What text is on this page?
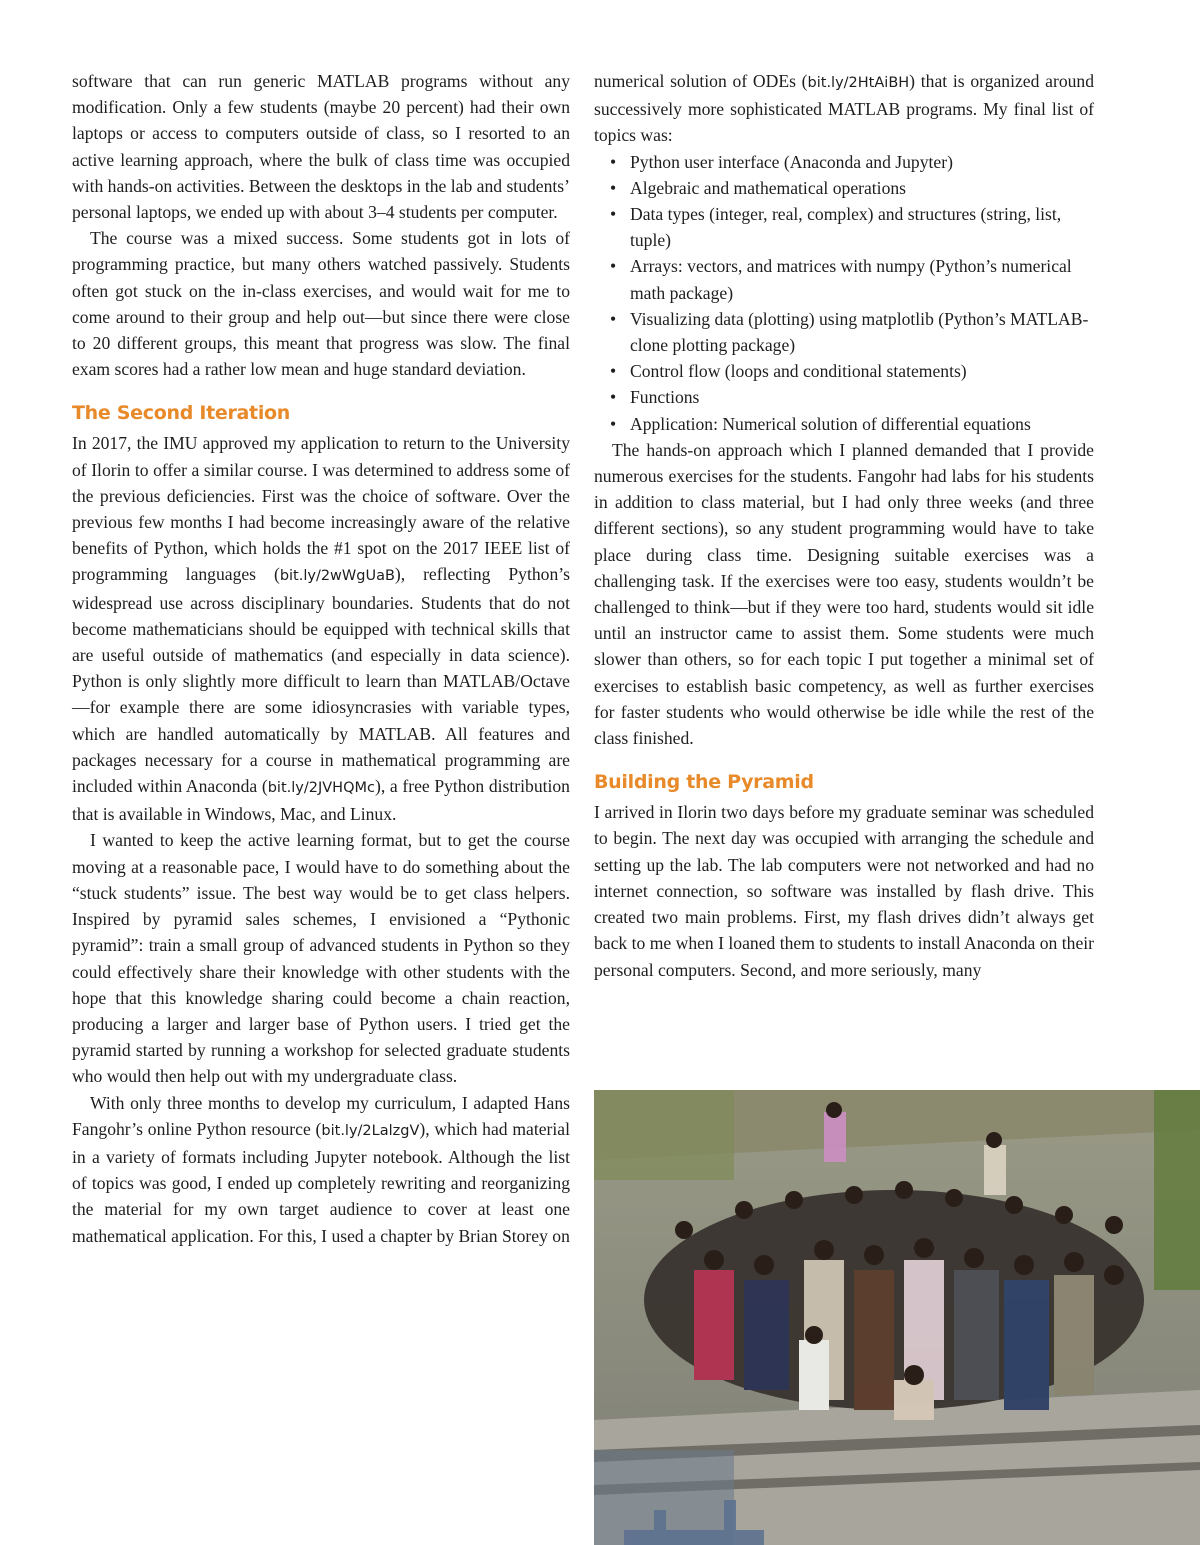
software that can run generic MATLAB programs without any modification. Only a few students (maybe 20 percent) had their own laptops or access to computers outside of class, so I resorted to an active learning approach, where the bulk of class time was occupied with hands-on activities. Between the desktops in the lab and students’ personal laptops, we ended up with about 3–4 students per computer.

The course was a mixed success. Some students got in lots of programming practice, but many others watched passively. Students often got stuck on the in-class exercises, and would wait for me to come around to their group and help out—but since there were close to 20 different groups, this meant that progress was slow. The final exam scores had a rather low mean and huge standard deviation.

The Second Iteration

In 2017, the IMU approved my application to return to the University of Ilorin to offer a similar course. I was determined to address some of the previous deficiencies. First was the choice of software. Over the previous few months I had become increasingly aware of the relative benefits of Python, which holds the #1 spot on the 2017 IEEE list of programming languages (bit.ly/2wWgUaB), reflecting Python’s widespread use across disciplinary boundaries. Students that do not become mathematicians should be equipped with technical skills that are useful outside of mathematics (and especially in data science). Python is only slightly more difficult to learn than MATLAB/Octave—for example there are some idiosyncrasies with variable types, which are handled automatically by MATLAB. All features and packages necessary for a course in mathematical programming are included within Anaconda (bit.ly/2JVHQMc), a free Python distribution that is available in Windows, Mac, and Linux.

I wanted to keep the active learning format, but to get the course moving at a reasonable pace, I would have to do something about the “stuck students” issue. The best way would be to get class helpers. Inspired by pyramid sales schemes, I envisioned a “Pythonic pyramid”: train a small group of advanced students in Python so they could effectively share their knowledge with other students with the hope that this knowledge sharing could become a chain reaction, producing a larger and larger base of Python users. I tried get the pyramid started by running a workshop for selected graduate students who would then help out with my undergraduate class.

With only three months to develop my curriculum, I adapted Hans Fangohr’s online Python resource (bit.ly/2LalzgV), which had material in a variety of formats including Jupyter notebook. Although the list of topics was good, I ended up completely rewriting and reorganizing the material for my own target audience to cover at least one mathematical application. For this, I used a chapter by Brian Storey on

numerical solution of ODEs (bit.ly/2HtAiBH) that is organized around successively more sophisticated MATLAB programs. My final list of topics was:

• Python user interface (Anaconda and Jupyter)
• Algebraic and mathematical operations
• Data types (integer, real, complex) and structures (string, list, tuple)
• Arrays: vectors, and matrices with numpy (Python’s numerical math package)
• Visualizing data (plotting) using matplotlib (Python’s MATLAB-clone plotting package)
• Control flow (loops and conditional statements)
• Functions
• Application: Numerical solution of differential equations

The hands-on approach which I planned demanded that I provide numerous exercises for the students. Fangohr had labs for his students in addition to class material, but I had only three weeks (and three different sections), so any student programming would have to take place during class time. Designing suitable exercises was a challenging task. If the exercises were too easy, students wouldn’t be challenged to think—but if they were too hard, students would sit idle until an instructor came to assist them. Some students were much slower than others, so for each topic I put together a minimal set of exercises to establish basic competency, as well as further exercises for faster students who would otherwise be idle while the rest of the class finished.

Building the Pyramid

I arrived in Ilorin two days before my graduate seminar was scheduled to begin. The next day was occupied with arranging the schedule and setting up the lab. The lab computers were not networked and had no internet connection, so software was installed by flash drive. This created two main problems. First, my flash drives didn’t always get back to me when I loaned them to students to install Anaconda on their personal computers. Second, and more seriously, many
